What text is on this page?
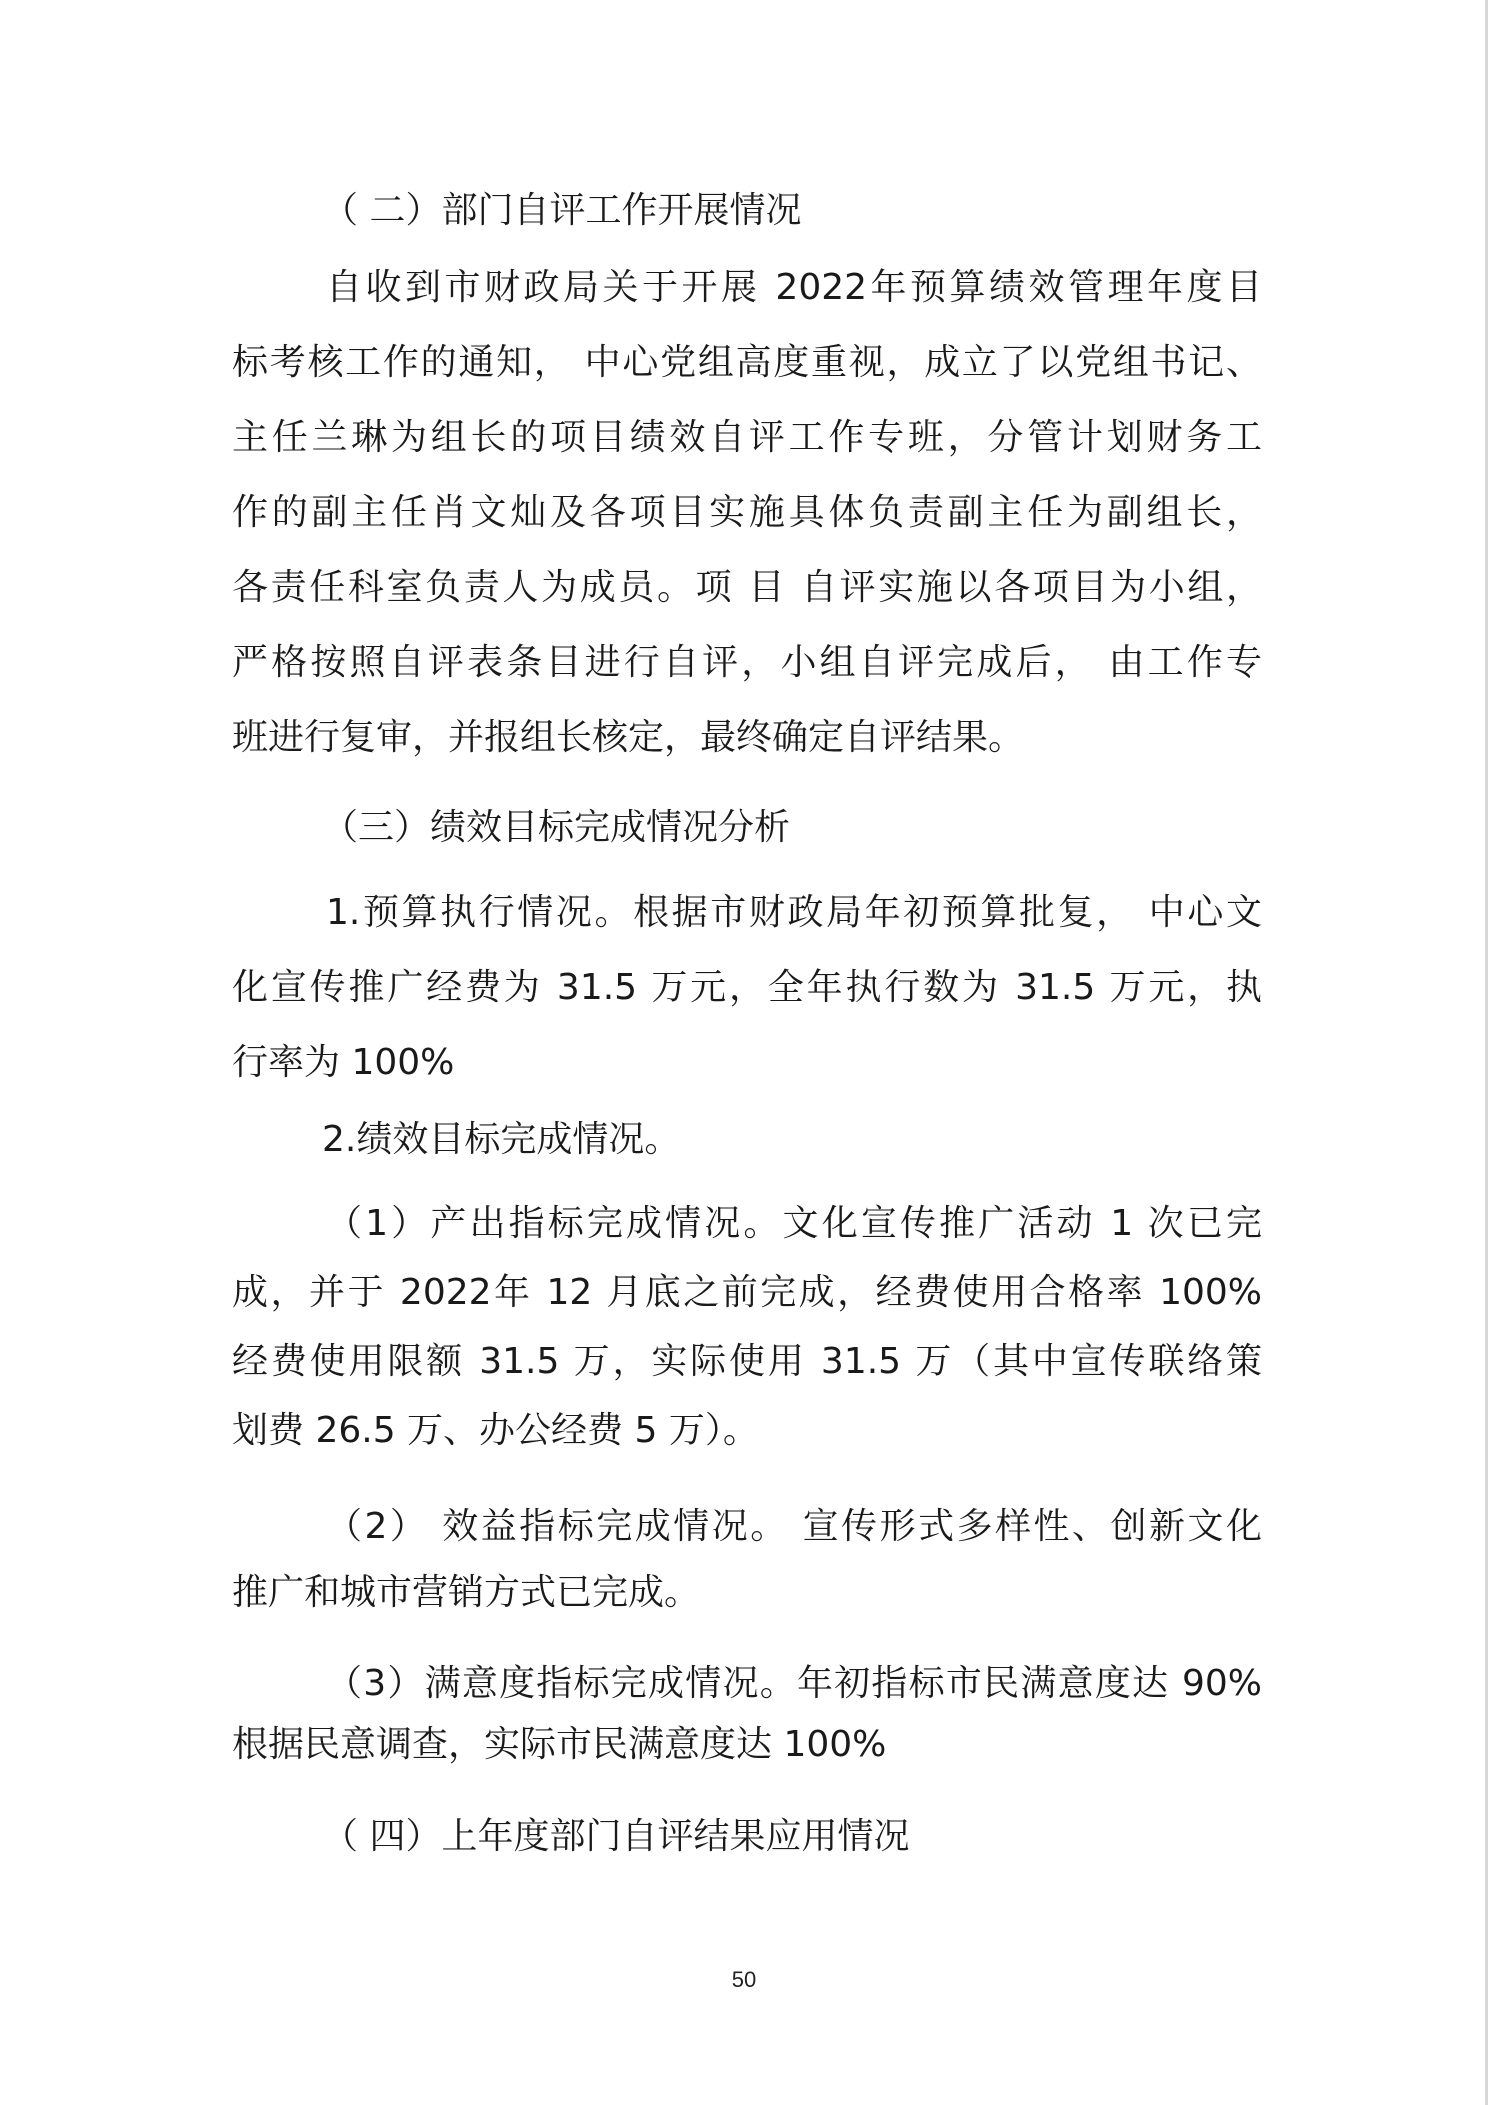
（ 二）部门自评工作开展情况
自收到市财政局关于开展 2022年预算绩效管理年度目
标考核工作的通知， 中心党组高度重视，成立了以党组书记、
主任兰琳为组长的项目绩效自评工作专班，分管计划财务工
作的副主任肖文灿及各项目实施具体负责副主任为副组长，
各责任科室负责人为成员。项 目 自评实施以各项目为小组，
严格按照自评表条目进行自评，小组自评完成后， 由工作专
班进行复审，并报组长核定，最终确定自评结果。
（三）绩效目标完成情况分析
1.预算执行情况。根据市财政局年初预算批复， 中心文
化宣传推广经费为 31.5 万元，全年执行数为 31.5 万元，执
行率为 100%
2.绩效目标完成情况。
（1）产出指标完成情况。文化宣传推广活动 1 次已完
成，并于 2022年 12 月底之前完成，经费使用合格率 100%
经费使用限额 31.5 万，实际使用 31.5 万（其中宣传联络策
划费 26.5 万、办公经费 5 万）。
（2） 效益指标完成情况。 宣传形式多样性、创新文化
推广和城市营销方式已完成。
（3）满意度指标完成情况。年初指标市民满意度达 90%
根据民意调查，实际市民满意度达 100%
（ 四）上年度部门自评结果应用情况
50
